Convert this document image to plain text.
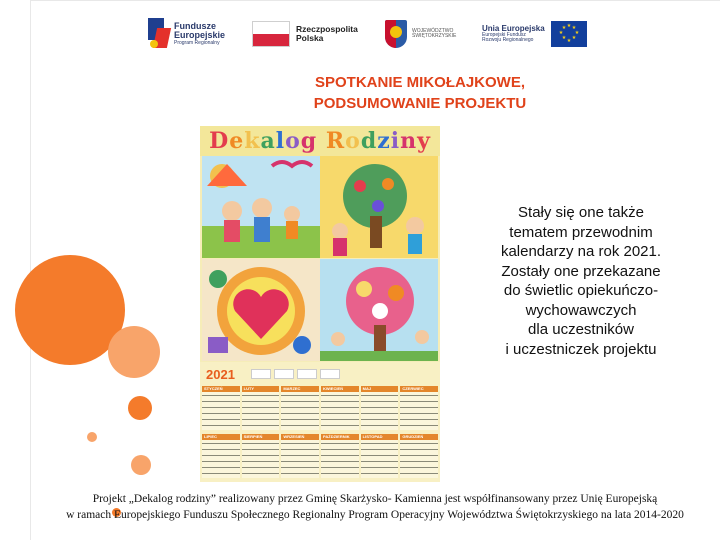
Fundusze
Europejskie
Program Regionalny
Rzeczpospolita
Polska
WOJEWÓDZTWO
ŚWIĘTOKRZYSKIE
Unia Europejska
Europejski Fundusz
Rozwoju Regionalnego
★ ★
★
★
★
★
★
★
SPOTKANIE MIKOŁAJKOWE,
PODSUMOWANIE PROJEKTU
Dekalog Rodziny
2021
STYCZEŃ	LUTY	MARZEC	KWIECIEŃ	MAJ	CZERWIEC
LIPIEC	SIERPIEŃ	WRZESIEŃ	PAŹDZIERNIK	LISTOPAD	GRUDZIEŃ
Stały się one także
tematem przewodnim
kalendarzy na rok 2021.
Zostały one przekazane
do świetlic opiekuńczo-
wychowawczych
dla uczestników
i uczestniczek projektu
Projekt „Dekalog rodziny” realizowany przez Gminę Skarżysko- Kamienna jest współfinansowany przez Unię Europejską
w ramach Europejskiego Funduszu Społecznego Regionalny Program Operacyjny Województwa Świętokrzyskiego na lata 2014-2020
